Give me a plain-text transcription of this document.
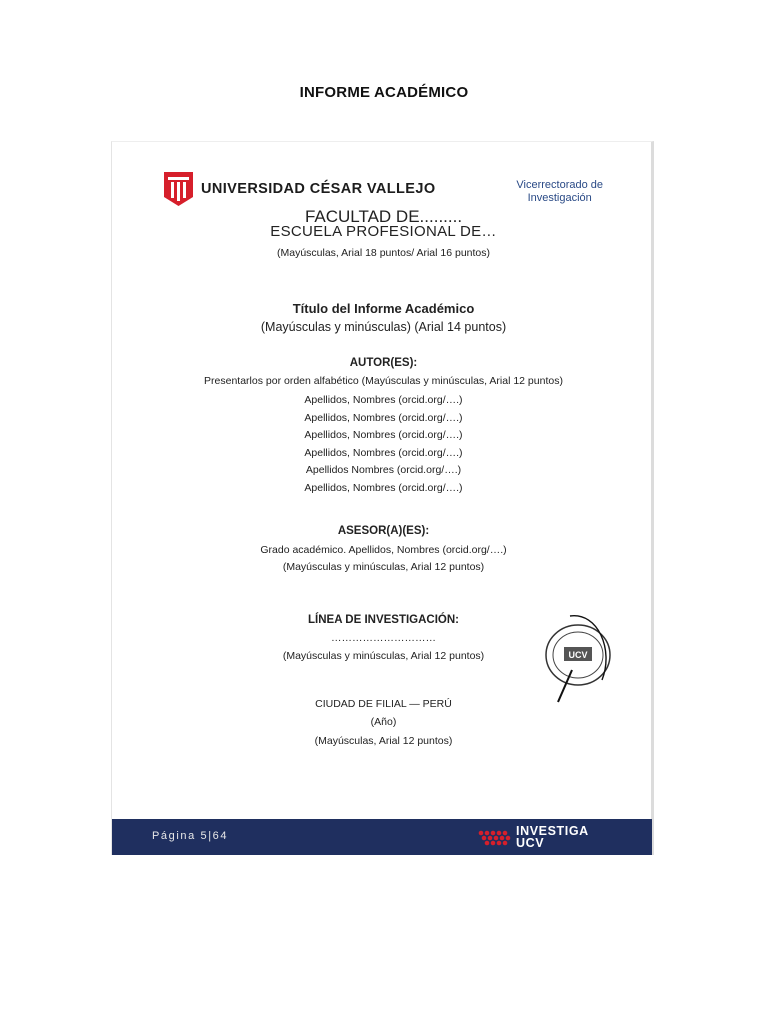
INFORME ACADÉMICO
UNIVERSIDAD CÉSAR VALLEJO	Vicerrectorado de
Investigación
FACULTAD DE.........
ESCUELA PROFESIONAL DE…
(Mayúsculas, Arial 18 puntos/ Arial 16 puntos)
Título del Informe Académico
(Mayúsculas y minúsculas) (Arial 14 puntos)
AUTOR(ES):
Presentarlos por orden alfabético (Mayúsculas y minúsculas, Arial 12 puntos)
Apellidos, Nombres (orcid.org/….)
Apellidos, Nombres (orcid.org/….)
Apellidos, Nombres (orcid.org/….)
Apellidos, Nombres (orcid.org/….)
Apellidos Nombres (orcid.org/….)
Apellidos, Nombres (orcid.org/….)
ASESOR(A)(ES):
Grado académico. Apellidos, Nombres (orcid.org/….)
(Mayúsculas y minúsculas, Arial 12 puntos)
LÍNEA DE INVESTIGACIÓN:
…………………………
(Mayúsculas y minúsculas, Arial 12 puntos)
CIUDAD DE FILIAL — PERÚ
(Año)
(Mayúsculas, Arial 12 puntos)
UCV
Página 5|64	INVESTIGA
UCV
